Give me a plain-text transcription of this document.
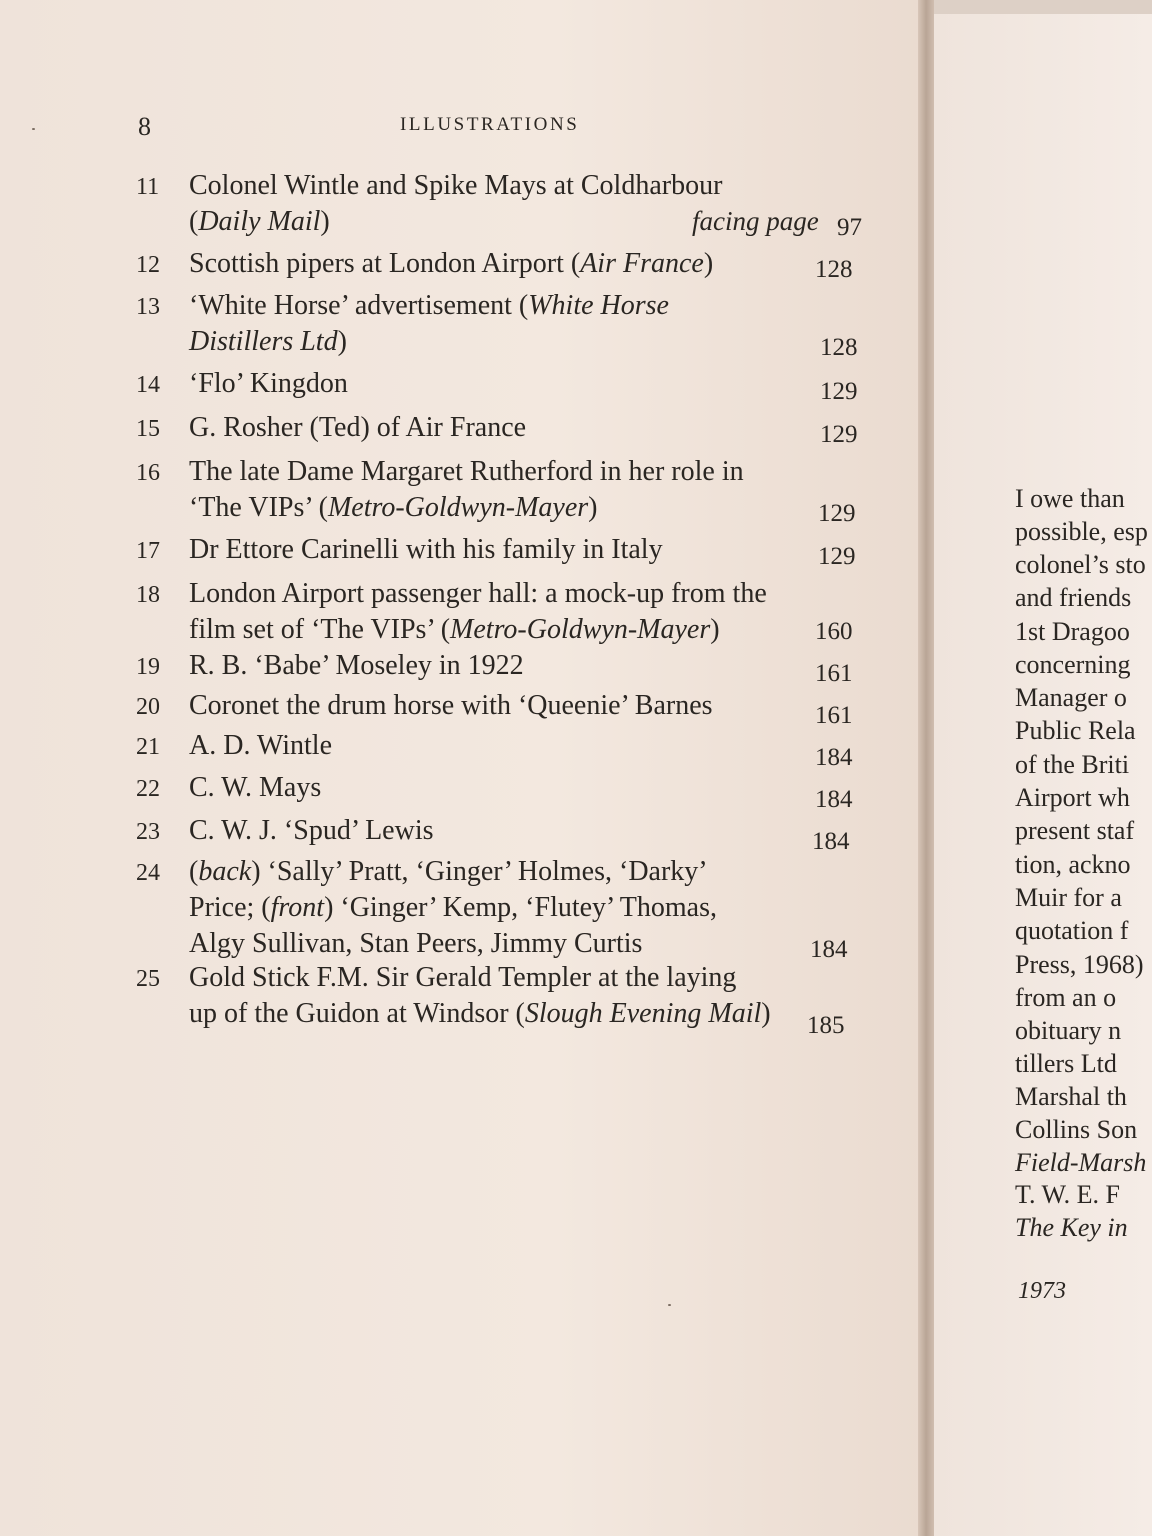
8	ILLUSTRATIONS
11	Colonel Wintle and Spike Mays at Coldharbour
(Daily Mail)	facing page 97
12	Scottish pipers at London Airport (Air France)	128
13	‘White Horse’ advertisement (White Horse
Distillers Ltd)	128
14	‘Flo’ Kingdon	129
15	G. Rosher (Ted) of Air France	129
16	The late Dame Margaret Rutherford in her role in
‘The VIPs’ (Metro-Goldwyn-Mayer)	129
17	Dr Ettore Carinelli with his family in Italy	129
18	London Airport passenger hall: a mock-up from the
film set of ‘The VIPs’ (Metro-Goldwyn-Mayer)	160
19	R. B. ‘Babe’ Moseley in 1922	161
20	Coronet the drum horse with ‘Queenie’ Barnes	161
21	A. D. Wintle	184
22	C. W. Mays	184
23	C. W. J. ‘Spud’ Lewis	184
24	(back) ‘Sally’ Pratt, ‘Ginger’ Holmes, ‘Darky’
Price; (front) ‘Ginger’ Kemp, ‘Flutey’ Thomas,
Algy Sullivan, Stan Peers, Jimmy Curtis	184
25	Gold Stick F.M. Sir Gerald Templer at the laying
up of the Guidon at Windsor (Slough Evening Mail) 185
I owe than
possible, esp
colonel’s sto
and friends
1st Dragoo
concerning
Manager o
Public Rela
of the Briti
Airport wh
present staf
tion, ackno
Muir for a
quotation f
Press, 1968)
from an o
obituary n
tillers Ltd
Marshal th
Collins Son
Field-Marsh
T. W. E. F
The Key in
1973
